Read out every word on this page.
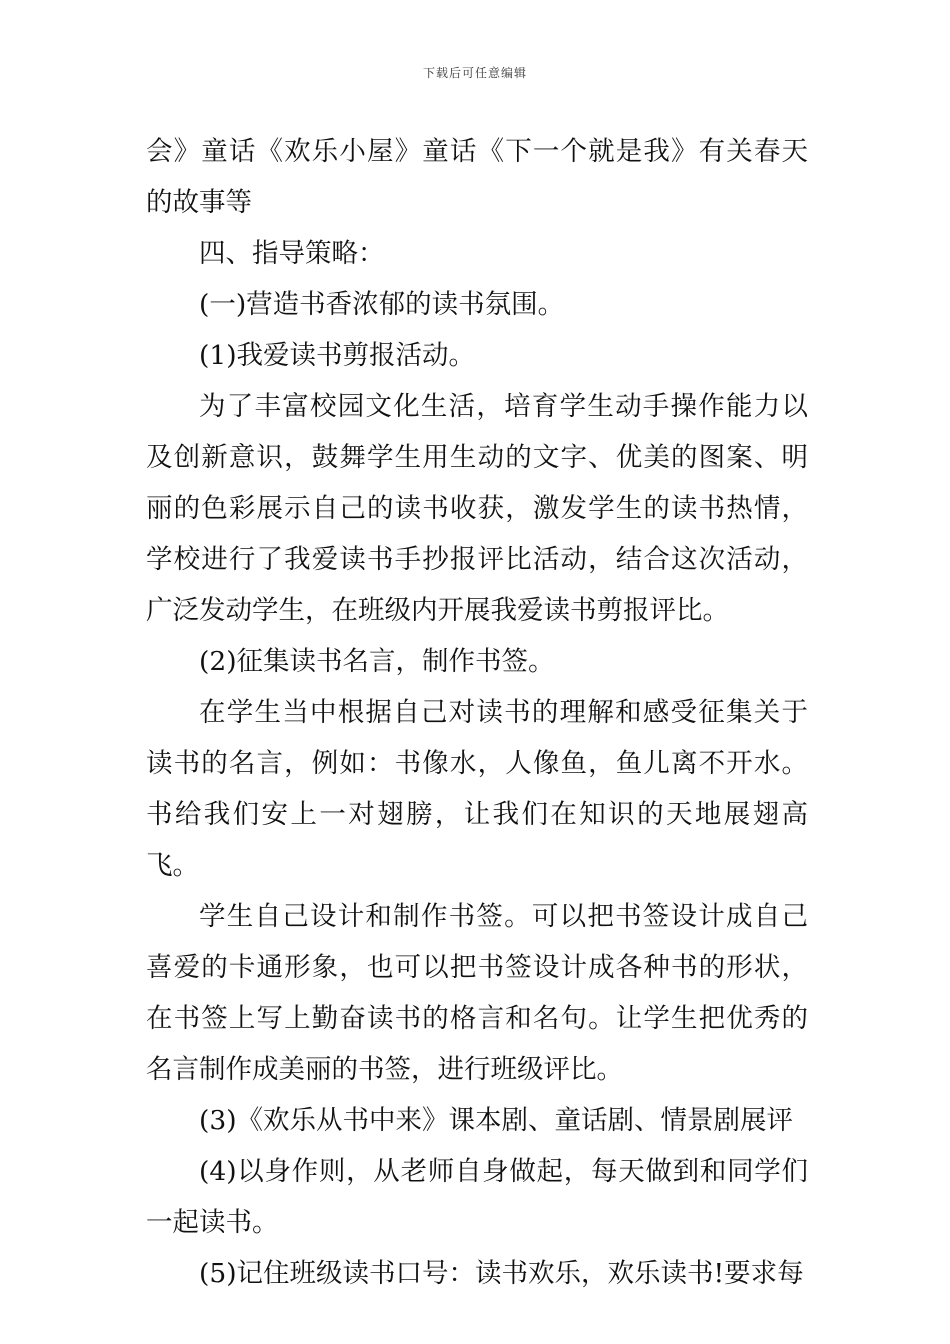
下载后可任意编辑

会》童话《欢乐小屋》童话《下一个就是我》有关春天的故事等

四、指导策略：

(一)营造书香浓郁的读书氛围。

(1)我爱读书剪报活动。

为了丰富校园文化生活，培育学生动手操作能力以及创新意识，鼓舞学生用生动的文字、优美的图案、明丽的色彩展示自己的读书收获，激发学生的读书热情，学校进行了我爱读书手抄报评比活动，结合这次活动，广泛发动学生，在班级内开展我爱读书剪报评比。

(2)征集读书名言，制作书签。

在学生当中根据自己对读书的理解和感受征集关于读书的名言，例如：书像水，人像鱼，鱼儿离不开水。书给我们安上一对翅膀，让我们在知识的天地展翅高飞。

学生自己设计和制作书签。可以把书签设计成自己喜爱的卡通形象，也可以把书签设计成各种书的形状，在书签上写上勤奋读书的格言和名句。让学生把优秀的名言制作成美丽的书签，进行班级评比。

(3)《欢乐从书中来》课本剧、童话剧、情景剧展评

(4)以身作则，从老师自身做起，每天做到和同学们一起读书。

(5)记住班级读书口号：读书欢乐，欢乐读书!要求每
